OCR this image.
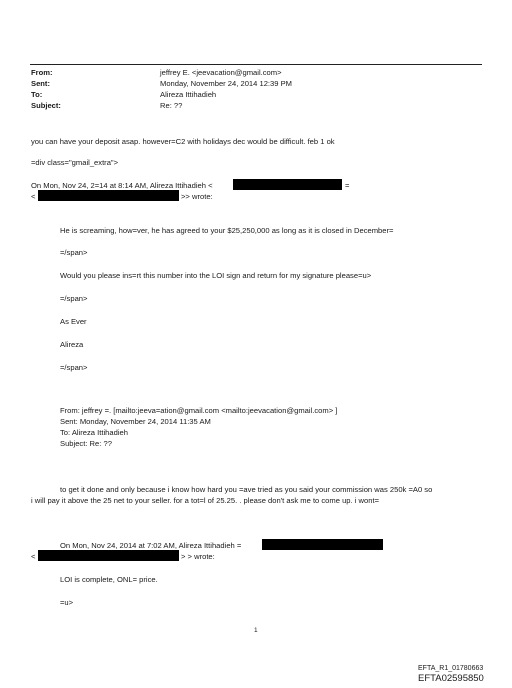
From:	jeffrey E. <jeevacation@gmail.com>
Sent:	Monday, November 24, 2014 12:39 PM
To:	Alireza Ittihadieh
Subject:	Re: ??
you can have your deposit asap. however=C2 with holidays dec would be difficult. feb 1 ok
=div class="gmail_extra">
On Mon, Nov 24, 2=14 at 8:14 AM, Alireza Ittihadieh <	=
<	>> wrote:
He is screaming, how=ver, he has agreed to your $25,250,000 as long as it is closed in December=
=/span>
Would you please ins=rt this number into the LOI sign and return for my signature please=u>
=/span>
As Ever
Alireza
=/span>
From: jeffrey =. [mailto:jeeva=ation@gmail.com <mailto:jeevacation@gmail.com> ]
Sent: Monday, November 24, 2014 11:35 AM
To: Alireza Ittihadieh
Subject: Re: ??
to get it done and only because i know how hard you =ave tried as you said your commission was 250k =A0 so
i will pay it above the 25 net to your seller. for a tot=l of 25.25. . please don't ask me to come up. i wont=
On Mon, Nov 24, 2014 at 7:02 AM, Alireza Ittihadieh =
<	> > wrote:
LOI is complete, ONL= price.
=u>
1
EFTA_R1_01780663
EFTA02595850
